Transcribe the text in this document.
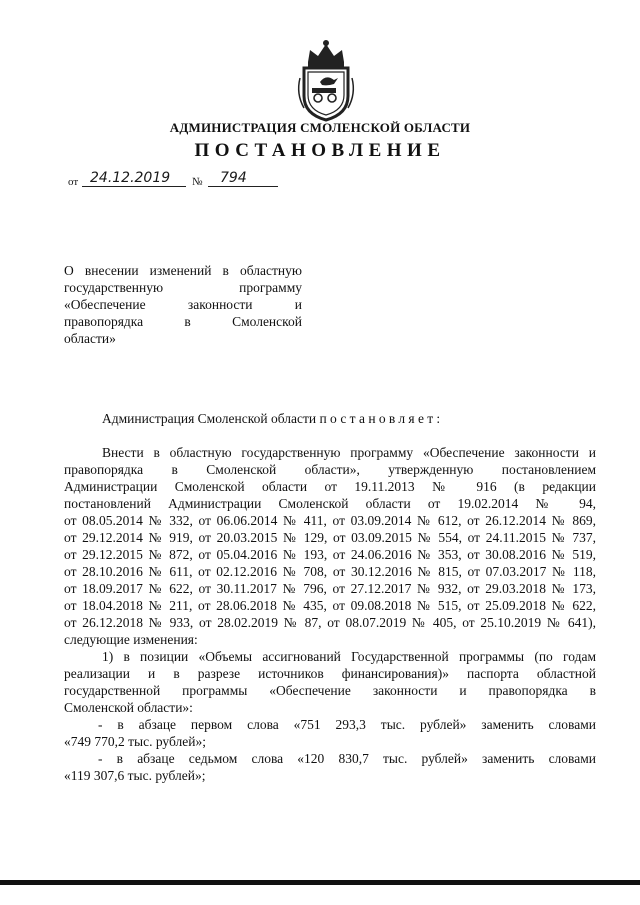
АДМИНИСТРАЦИЯ СМОЛЕНСКОЙ ОБЛАСТИ
ПОСТАНОВЛЕНИЕ
от 24.12.2019 № 794
О внесении изменений в областную
государственную программу
«Обеспечение законности и
правопорядка в Смоленской
области»
Администрация Смоленской области постановляет:
Внести в областную государственную программу «Обеспечение законности и
правопорядка в Смоленской области», утвержденную постановлением
Администрации Смоленской области от 19.11.2013 № 916 (в редакции
постановлений Администрации Смоленской области от 19.02.2014 № 94,
от 08.05.2014 № 332, от 06.06.2014 № 411, от 03.09.2014 № 612, от 26.12.2014 № 869,
от 29.12.2014 № 919, от 20.03.2015 № 129, от 03.09.2015 № 554, от 24.11.2015 № 737,
от 29.12.2015 № 872, от 05.04.2016 № 193, от 24.06.2016 № 353, от 30.08.2016 № 519,
от 28.10.2016 № 611, от 02.12.2016 № 708, от 30.12.2016 № 815, от 07.03.2017 № 118,
от 18.09.2017 № 622, от 30.11.2017 № 796, от 27.12.2017 № 932, от 29.03.2018 № 173,
от 18.04.2018 № 211, от 28.06.2018 № 435, от 09.08.2018 № 515, от 25.09.2018 № 622,
от 26.12.2018 № 933, от 28.02.2019 № 87, от 08.07.2019 № 405, от 25.10.2019 № 641),
следующие изменения:
1) в позиции «Объемы ассигнований Государственной программы (по годам
реализации и в разрезе источников финансирования)» паспорта областной
государственной программы «Обеспечение законности и правопорядка в
Смоленской области»:
- в абзаце первом слова «751 293,3 тыс. рублей» заменить словами
«749 770,2 тыс. рублей»;
- в абзаце седьмом слова «120 830,7 тыс. рублей» заменить словами
«119 307,6 тыс. рублей»;
